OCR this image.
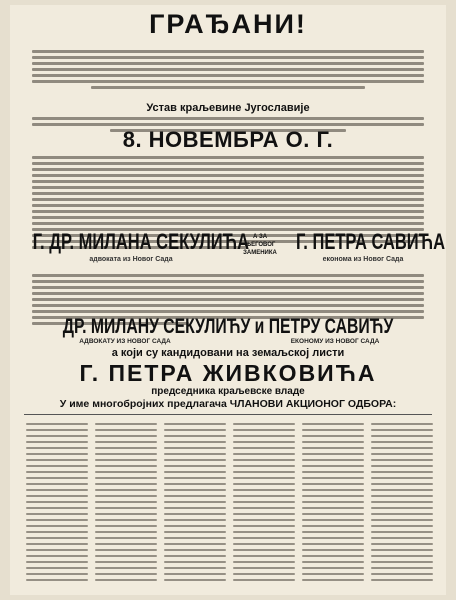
ГРАЂАНИ!
Устав краљевине Југославије
8. НОВЕМБРА О. Г.
Г. ДР. МИЛАНА СЕКУЛИЋА
адвоката из Новог Сада
А ЗА
ЊЕГОВОГ
ЗАМЕНИКА Г. ПЕТРА САВИЋА
економа из Новог Сада
ДР. МИЛАНУ СЕКУЛИЋУ и ПЕТРУ САВИЋУ
АДВОКАТУ ИЗ НОВОГ САДА	ЕКОНОМУ ИЗ НОВОГ САДА
а који су кандидовани на земаљској листи
Г. ПЕТРА ЖИВКОВИЋА
председника краљевске владе
У име многобројних предлагача ЧЛАНОВИ АКЦИОНОГ ОДБОРА:
